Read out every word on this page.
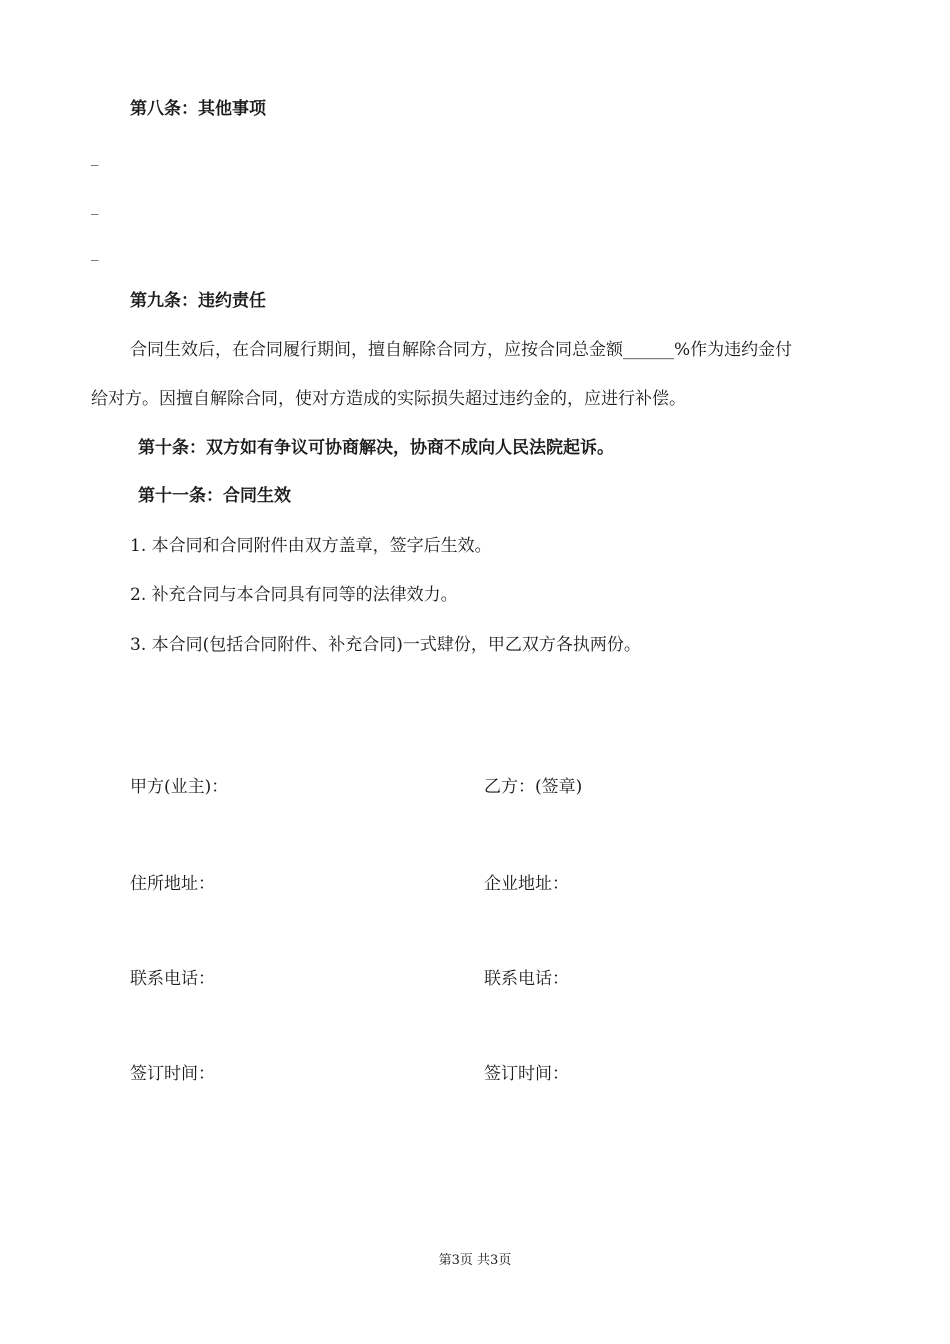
第八条：其他事项
_
_
_
第九条：违约责任
合同生效后，在合同履行期间，擅自解除合同方，应按合同总金额______%作为违约金付
给对方。因擅自解除合同，使对方造成的实际损失超过违约金的，应进行补偿。
第十条：双方如有争议可协商解决，协商不成向人民法院起诉。
第十一条：合同生效
1. 本合同和合同附件由双方盖章，签字后生效。
2. 补充合同与本合同具有同等的法律效力。
3. 本合同(包括合同附件、补充合同)一式肆份，甲乙双方各执两份。
甲方(业主)：	乙方：(签章)
住所地址：	企业地址：
联系电话：	联系电话：
签订时间：	签订时间：
第3页 共3页
